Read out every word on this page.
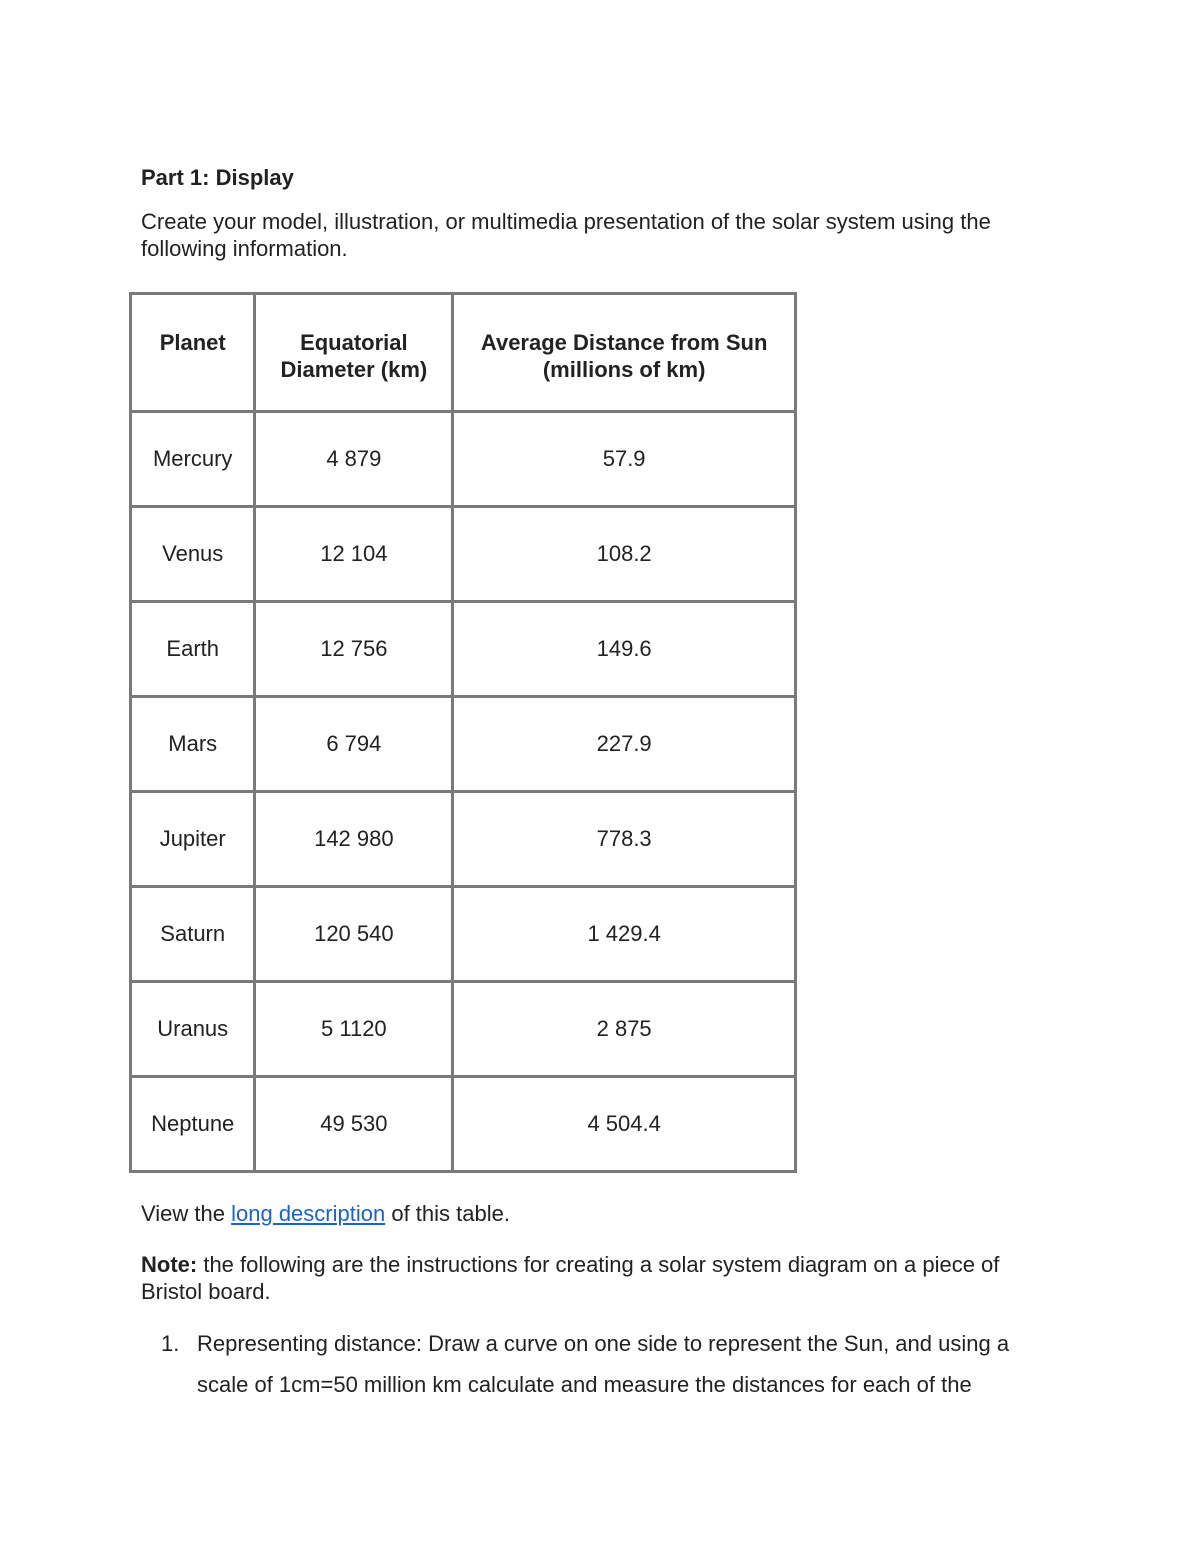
Part 1: Display

Create your model, illustration, or multimedia presentation of the solar system using the following information.

Planet	Equatorial Diameter (km)	Average Distance from Sun (millions of km)
Mercury	4 879	57.9
Venus	12 104	108.2
Earth	12 756	149.6
Mars	6 794	227.9
Jupiter	142 980	778.3
Saturn	120 540	1 429.4
Uranus	5 1120	2 875
Neptune	49 530	4 504.4

View the long description of this table.

Note: the following are the instructions for creating a solar system diagram on a piece of Bristol board.

1. Representing distance: Draw a curve on one side to represent the Sun, and using a scale of 1cm=50 million km calculate and measure the distances for each of the
